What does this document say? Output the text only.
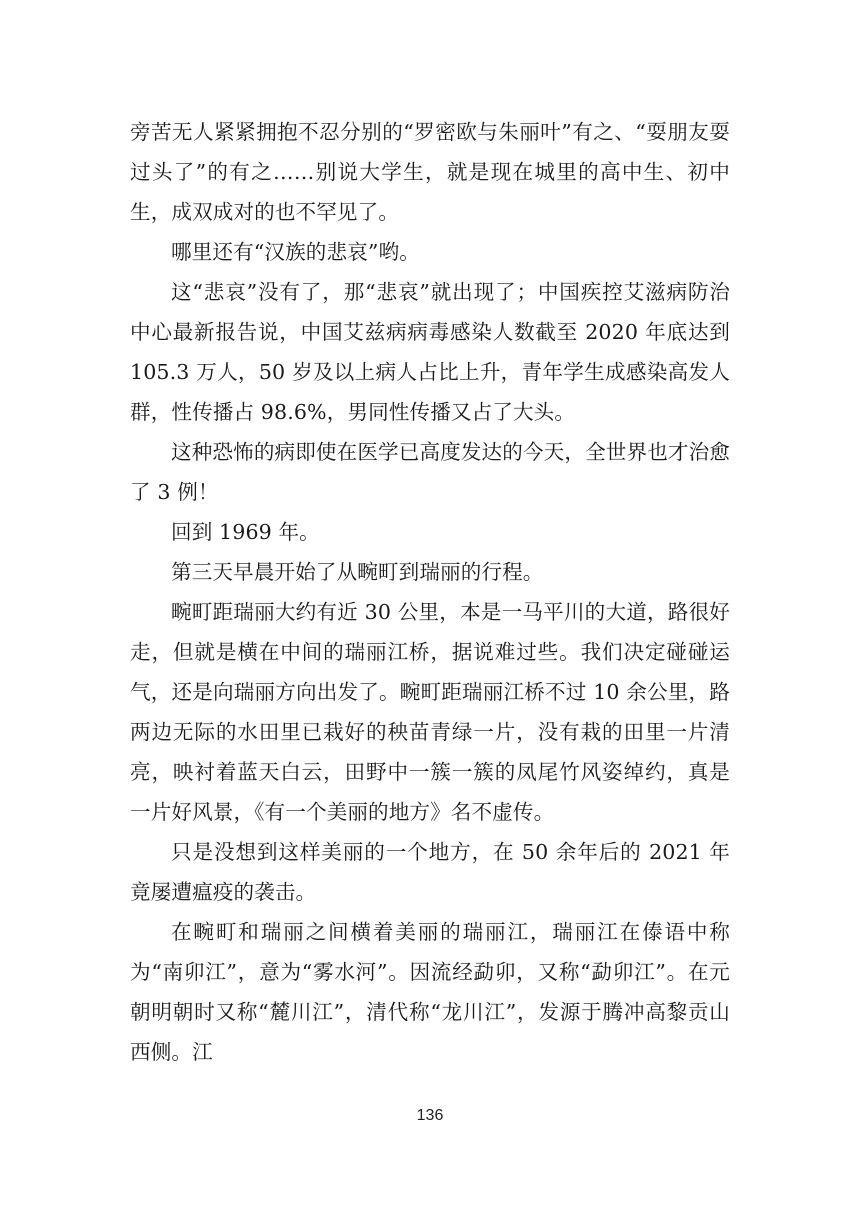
旁苦无人紧紧拥抱不忍分别的“罗密欧与朱丽叶”有之、“耍朋友耍过头了”的有之……别说大学生，就是现在城里的高中生、初中生，成双成对的也不罕见了。

哪里还有“汉族的悲哀”哟。

这“悲哀”没有了，那“悲哀”就出现了；中国疾控艾滋病防治中心最新报告说，中国艾兹病病毒感染人数截至 2020 年底达到 105.3 万人，50 岁及以上病人占比上升，青年学生成感染高发人群，性传播占 98.6%，男同性传播又占了大头。

这种恐怖的病即使在医学已高度发达的今天，全世界也才治愈了 3 例！

回到 1969 年。

第三天早晨开始了从畹町到瑞丽的行程。

畹町距瑞丽大约有近 30 公里，本是一马平川的大道，路很好走，但就是横在中间的瑞丽江桥，据说难过些。我们决定碰碰运气，还是向瑞丽方向出发了。畹町距瑞丽江桥不过 10 余公里，路两边无际的水田里已栽好的秧苗青绿一片，没有栽的田里一片清亮，映衬着蓝天白云，田野中一簇一簇的凤尾竹风姿绰约，真是一片好风景，《有一个美丽的地方》名不虚传。

只是没想到这样美丽的一个地方，在 50 余年后的 2021 年竟屡遭瘟疫的袭击。

在畹町和瑞丽之间横着美丽的瑞丽江，瑞丽江在傣语中称为“南卯江”，意为“雾水河”。因流经勐卯，又称“勐卯江”。在元朝明朝时又称“麓川江”，清代称“龙川江”，发源于腾冲高黎贡山西侧。江

136
